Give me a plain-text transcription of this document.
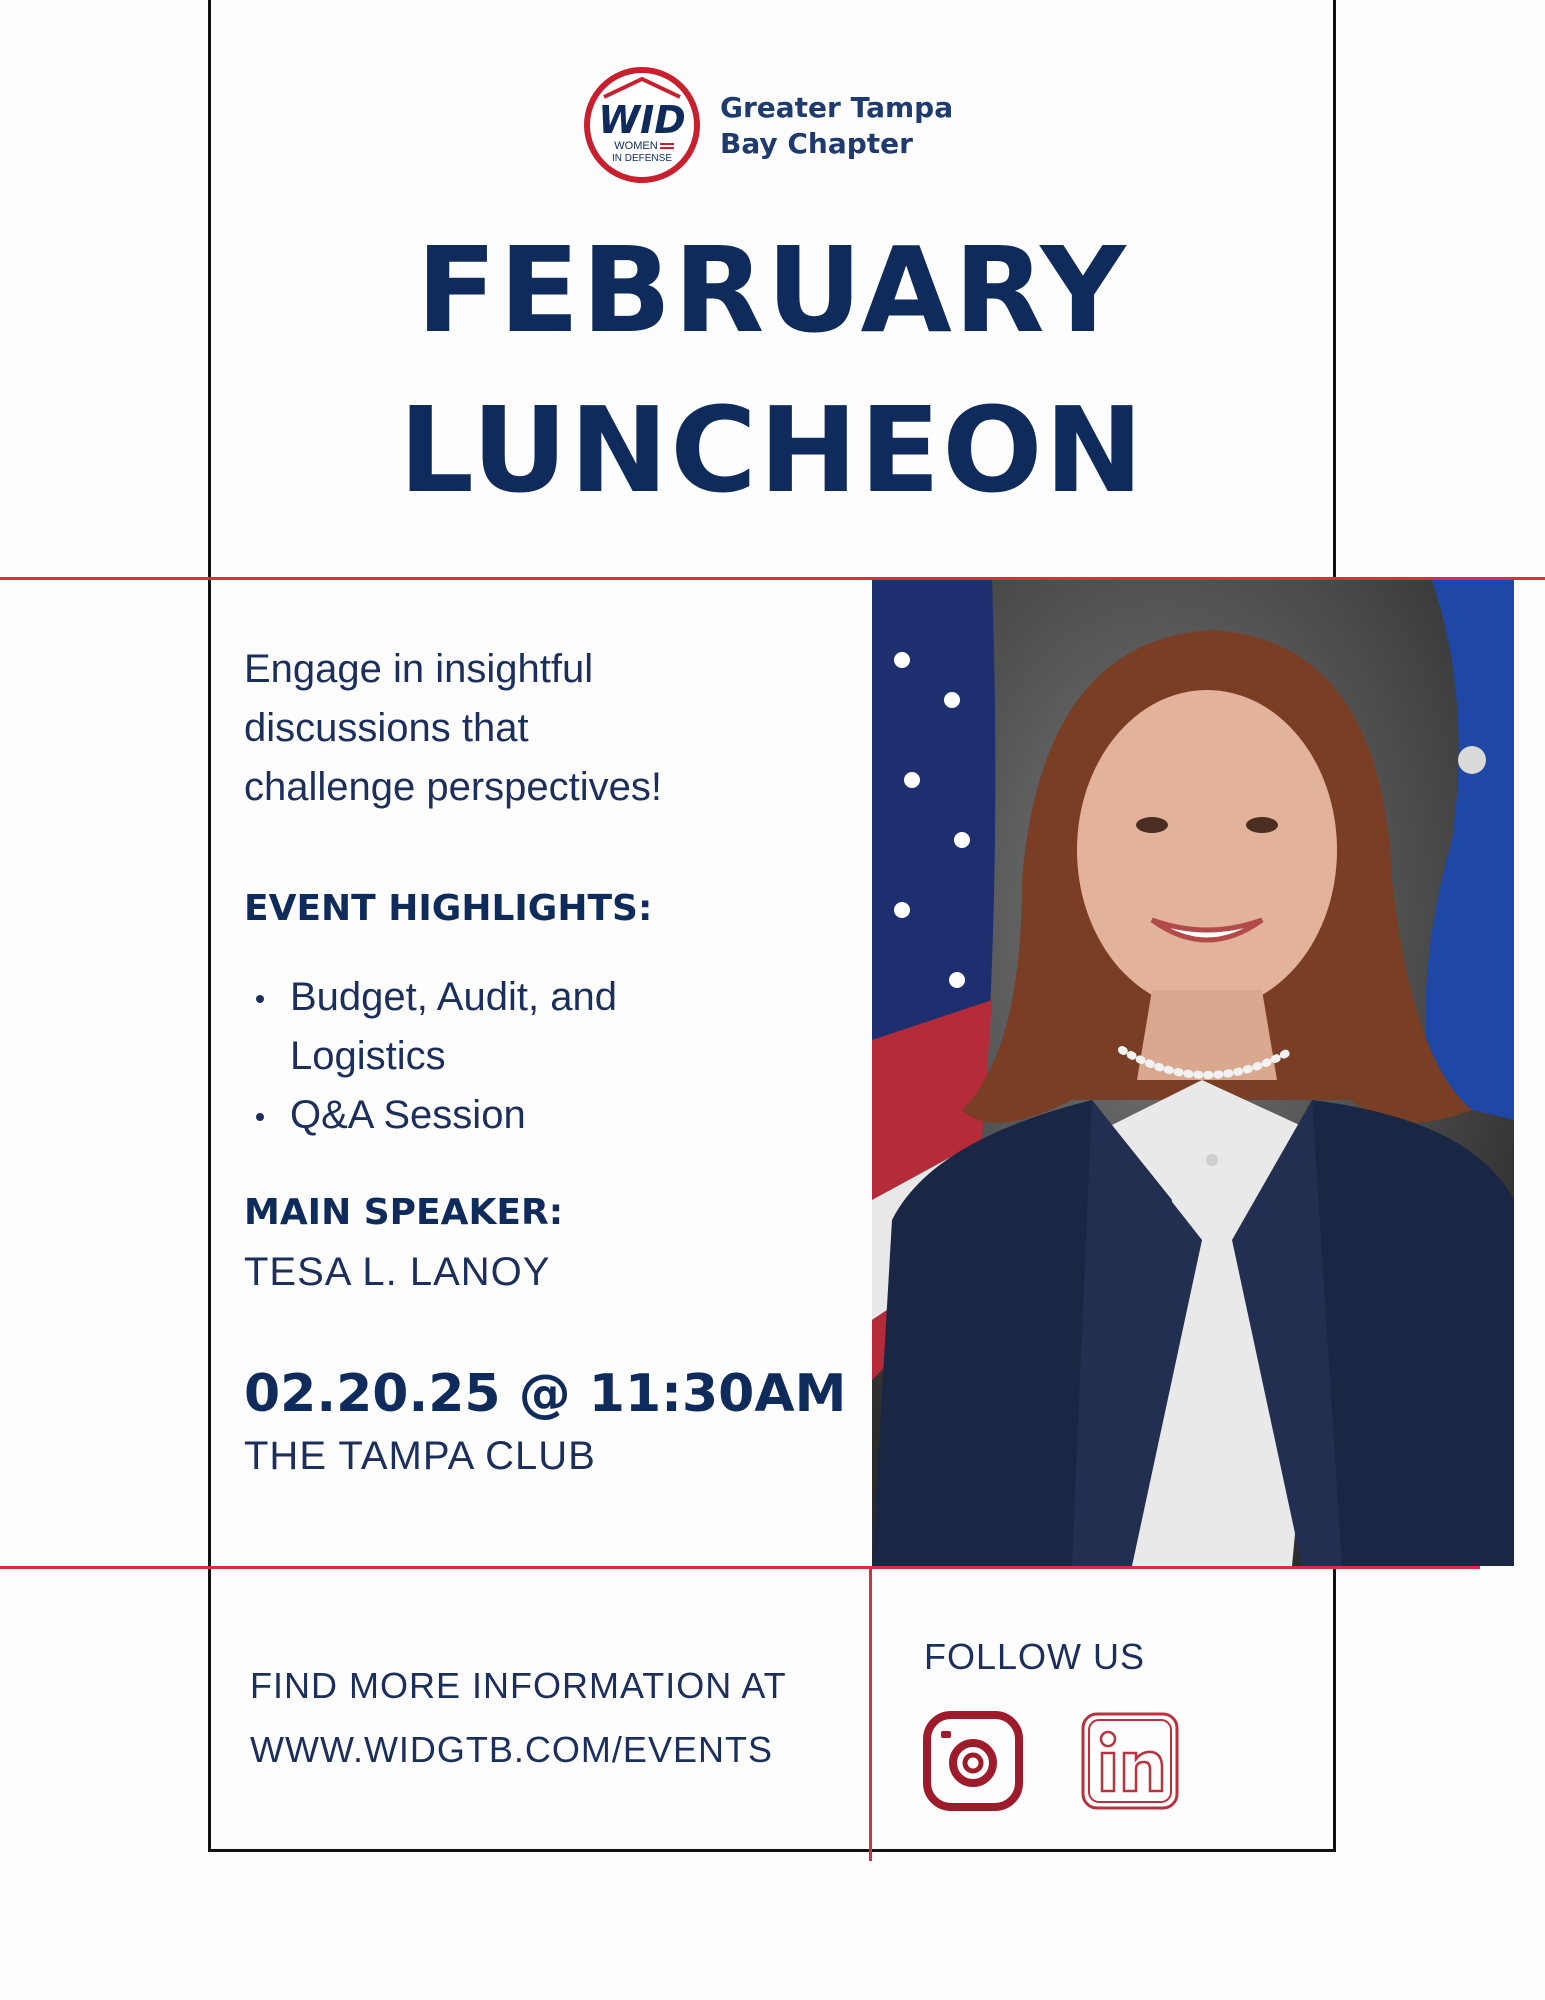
WID
WOMEN
IN DEFENSE
Greater Tampa
Bay Chapter
FEBRUARY
LUNCHEON
Engage in insightful
discussions that
challenge perspectives!
EVENT HIGHLIGHTS:
Budget, Audit, and Logistics
Q&A Session
MAIN SPEAKER:
TESA L. LANOY
02.20.25 @ 11:30AM
THE TAMPA CLUB
FIND MORE INFORMATION AT
WWW.WIDGTB.COM/EVENTS
FOLLOW US
